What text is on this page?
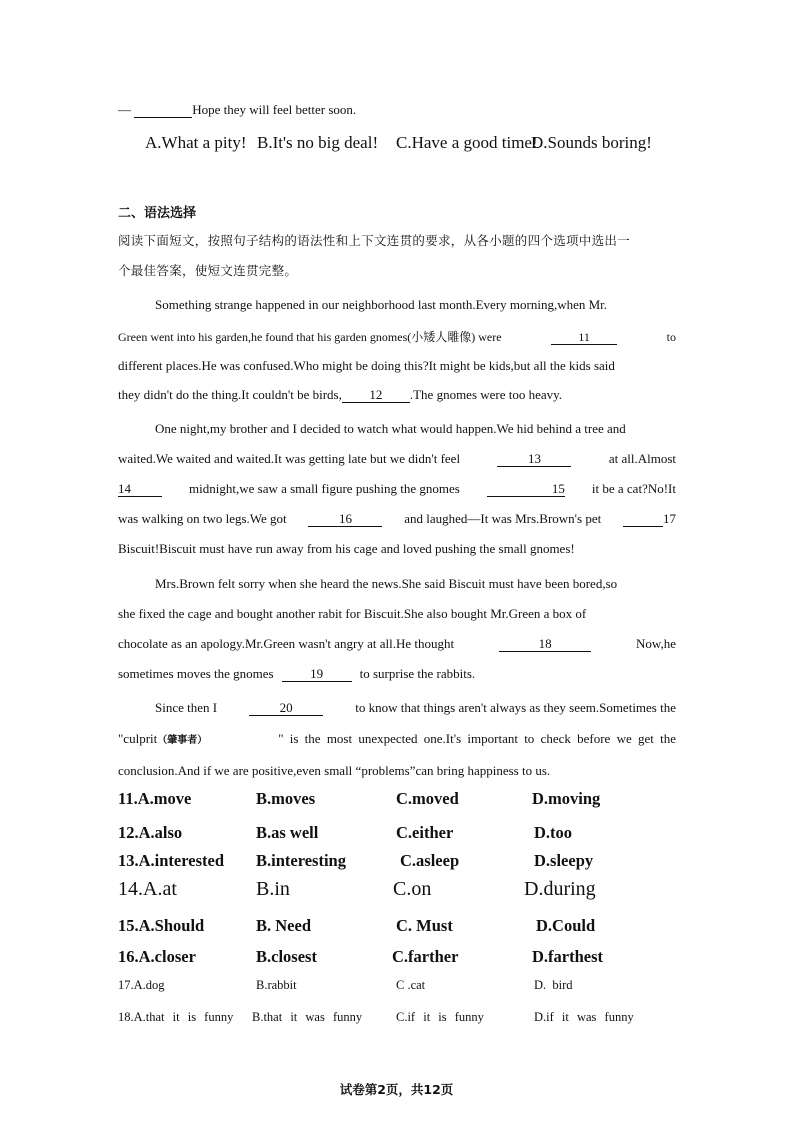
—	Hope they will feel better soon.
A.What a pity! B.It's no big deal! C.Have a good time!
D.Sounds boring!
二、语法选择
阅读下面短文，按照句子结构的语法性和上下文连贯的要求，从各小题的四个选项中选出一
个最佳答案，使短文连贯完整。
Something strange happened in our neighborhood last month.Every morning,when Mr.
Green went into his garden,he found that his garden gnomes(小矮人雕像) were	11	to
different places.He was confused.Who might be doing this?It might be kids,but all the kids said
they didn't do the thing.It couldn't be birds,	12	.The gnomes were too heavy.
One night,my brother and I decided to watch what would happen.We hid behind a tree and
waited.We waited and waited.It was getting late but we didn't feel	13	at all.Almost
14	midnight,we saw a small figure pushing the gnomes	15 it be a cat?No!It
was walking on two legs.We got	16	and laughed—It was Mrs.Brown's pet	17
Biscuit!Biscuit must have run away from his cage and loved pushing the small gnomes!
Mrs.Brown felt sorry when she heard the news.She said Biscuit must have been bored,so
she fixed the cage and bought another rabit for Biscuit.She also bought Mr.Green a box of
chocolate as an apology.Mr.Green wasn't angry at all.He thought	18	Now,he
sometimes moves the gnomes	19	to surprise the rabbits.
Since then I	20	to know that things aren't always as they seem.Sometimes the
"culprit（肇事者）	" is the most unexpected one.It's important to check before we get the
conclusion.And if we are positive,even small “problems”can bring happiness to us.
11.A.move	B.moves	C.moved	D.moving
12.A.also	B.as well	C.either	D.too
13.A.interested B.interesting	C.asleep	D.sleepy
14.A.at	B.in	C.on	D.during
15.A.Should	B. Need	C. Must	D.Could
16.A.closer	B.closest	C.farther	D.farthest
17.A.dog	B.rabbit	C .cat	D.  bird
18.A.that it is funny B.that it was funny	C.if it is funny	D.if it was funny
试卷第2页，共12页
